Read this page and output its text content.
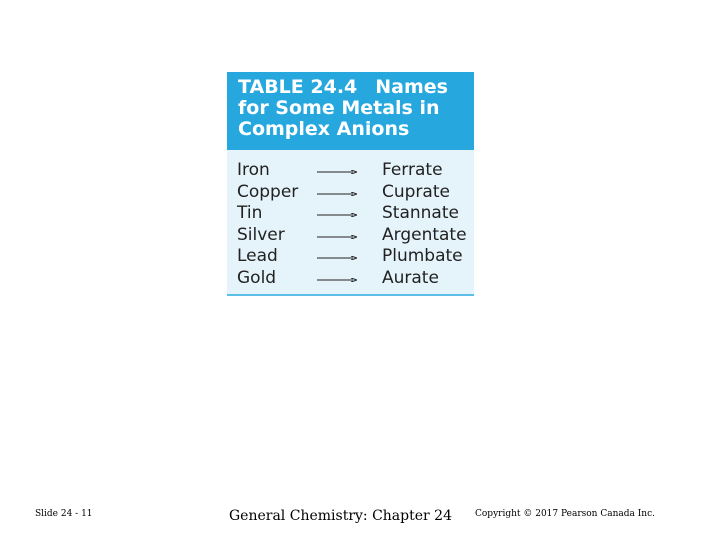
TABLE 24.4 Names
for Some Metals in
Complex Anions
Iron	Ferrate
Copper	Cuprate
Tin	Stannate
Silver	Argentate
Lead	Plumbate
Gold	Aurate
Slide 24 - 11	General Chemistry: Chapter 24	Copyright © 2017 Pearson Canada Inc.
